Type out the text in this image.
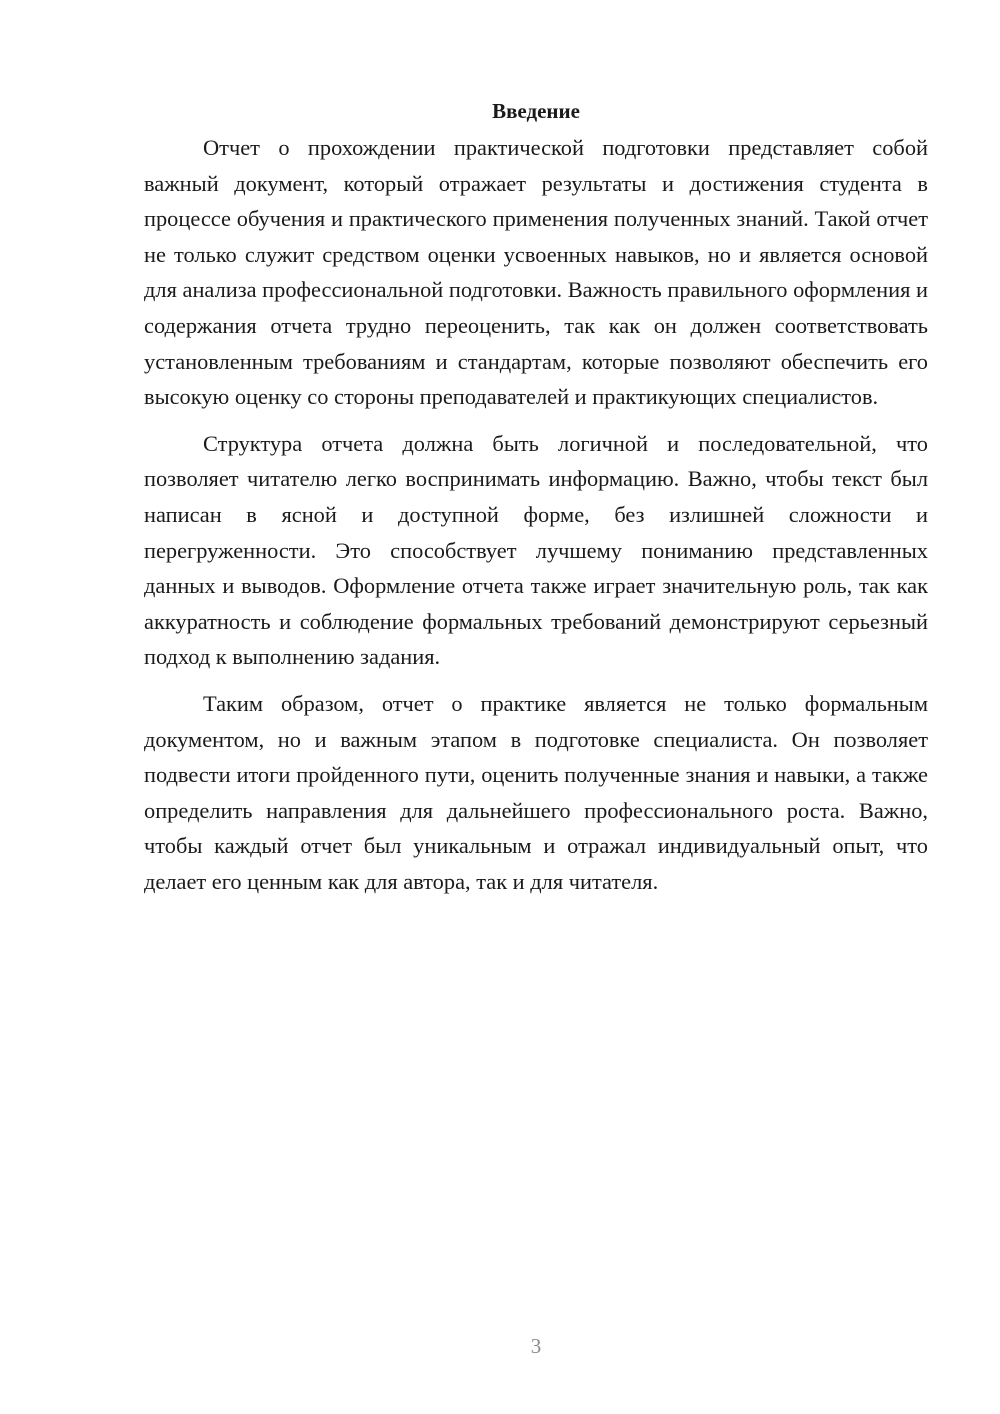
Введение

Отчет о прохождении практической подготовки представляет собой важный документ, который отражает результаты и достижения студента в процессе обучения и практического применения полученных знаний. Такой отчет не только служит средством оценки усвоенных навыков, но и является основой для анализа профессиональной подготовки. Важность правильного оформления и содержания отчета трудно переоценить, так как он должен соответствовать установленным требованиям и стандартам, которые позволяют обеспечить его высокую оценку со стороны преподавателей и практикующих специалистов.

Структура отчета должна быть логичной и последовательной, что позволяет читателю легко воспринимать информацию. Важно, чтобы текст был написан в ясной и доступной форме, без излишней сложности и перегруженности. Это способствует лучшему пониманию представленных данных и выводов. Оформление отчета также играет значительную роль, так как аккуратность и соблюдение формальных требований демонстрируют серьезный подход к выполнению задания.

Таким образом, отчет о практике является не только формальным документом, но и важным этапом в подготовке специалиста. Он позволяет подвести итоги пройденного пути, оценить полученные знания и навыки, а также определить направления для дальнейшего профессионального роста. Важно, чтобы каждый отчет был уникальным и отражал индивидуальный опыт, что делает его ценным как для автора, так и для читателя.

3
